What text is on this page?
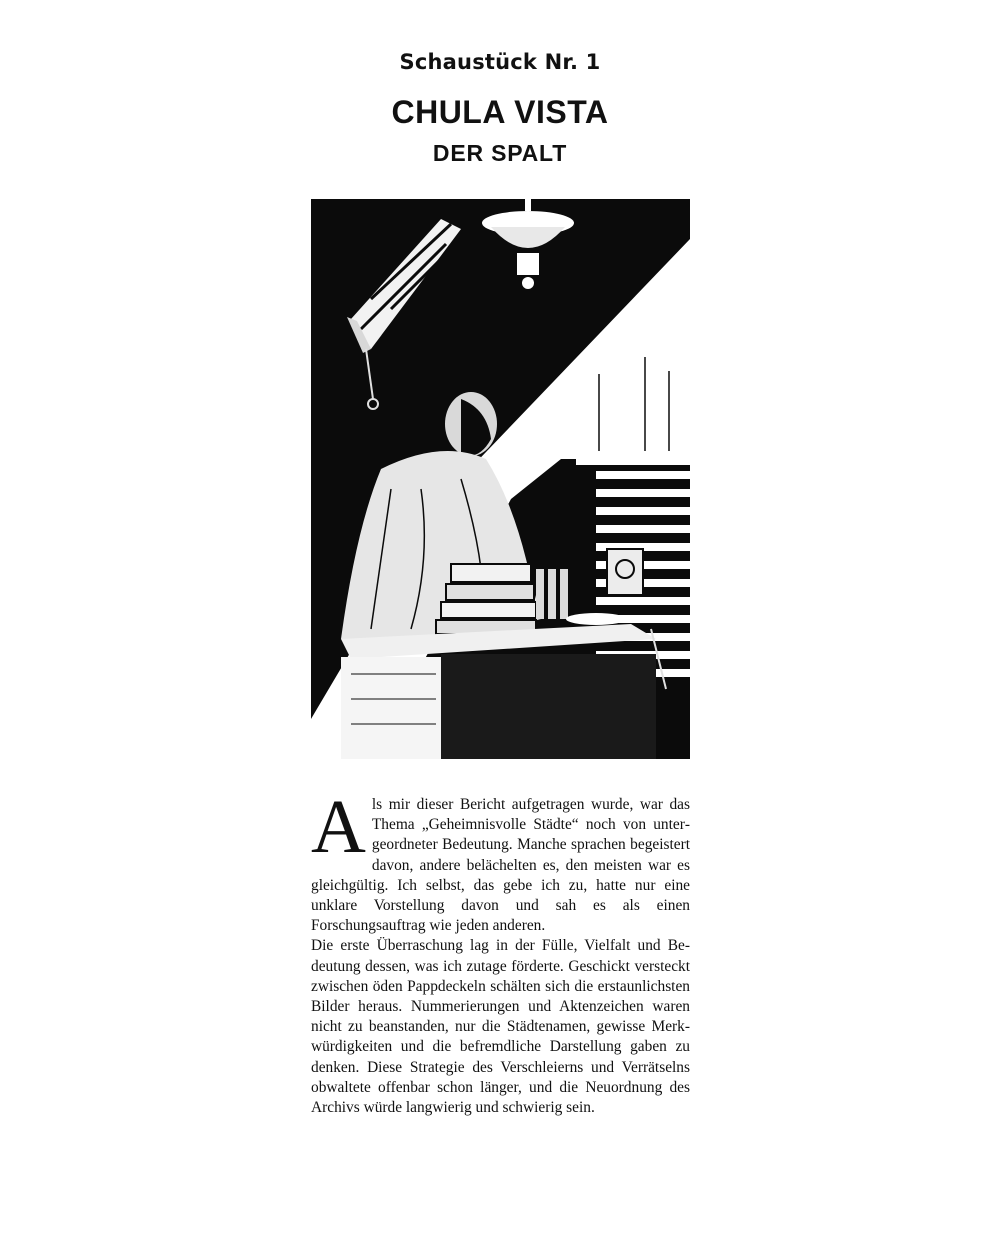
Schaustück Nr. 1
CHULA VISTA
DER SPALT

Als mir dieser Bericht aufgetragen wurde, war das Thema „Geheimnisvolle Städte“ noch von untergeordneter Bedeutung. Manche sprachen begeistert davon, andere belächelten es, den meisten war es gleichgültig. Ich selbst, das gebe ich zu, hatte nur eine unklare Vorstellung davon und sah es als einen Forschungsauftrag wie jeden anderen.

Die erste Überraschung lag in der Fülle, Vielfalt und Bedeutung dessen, was ich zutage förderte. Geschickt versteckt zwischen öden Pappdeckeln schälten sich die erstaunlichsten Bilder heraus. Nummerierungen und Aktenzeichen waren nicht zu beanstanden, nur die Städtenamen, gewisse Merkwürdigkeiten und die befremdliche Darstellung gaben zu denken. Diese Strategie des Verschleierns und Verrätselns obwaltete offenbar schon länger, und die Neuordnung des Archivs würde langwierig und schwierig sein.
